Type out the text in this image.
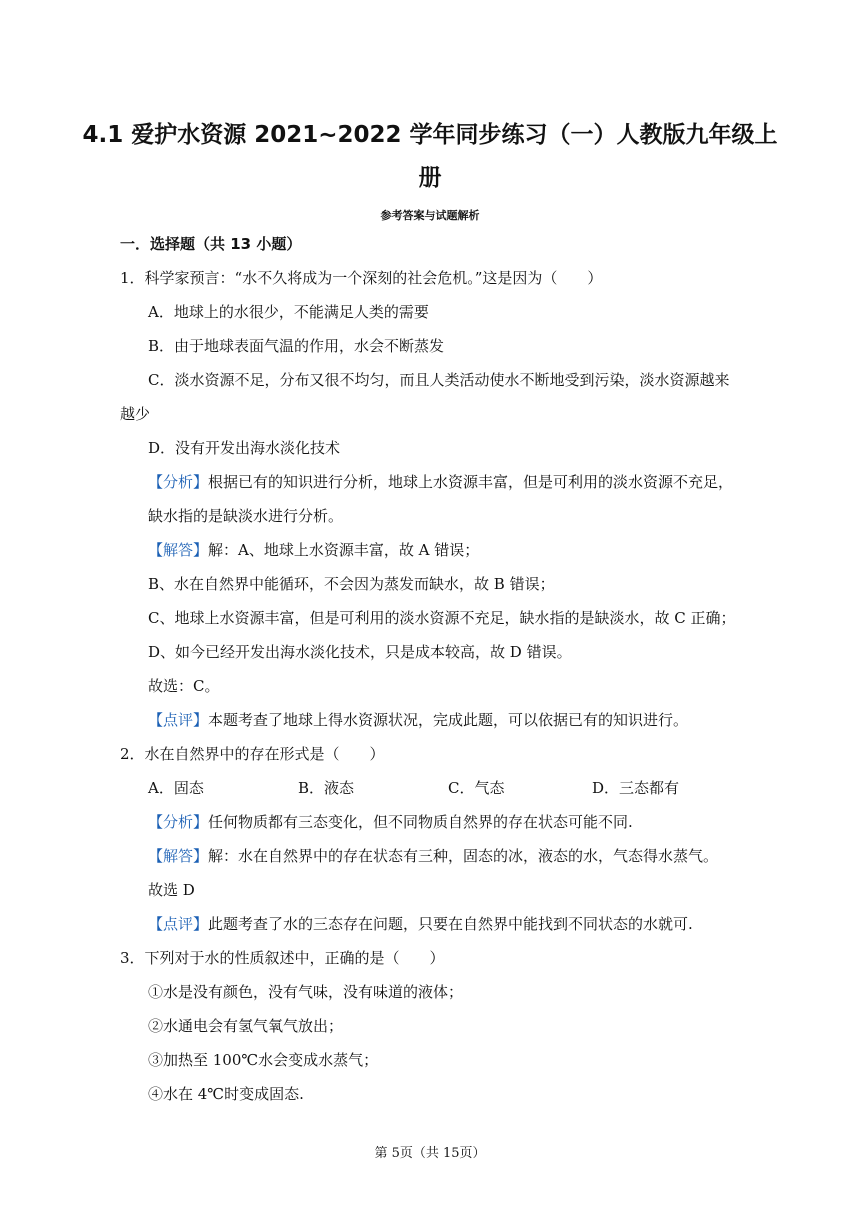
4.1 爱护水资源 2021~2022 学年同步练习（一）人教版九年级上
册
参考答案与试题解析
一．选择题（共 13 小题）
1．科学家预言：“水不久将成为一个深刻的社会危机。”这是因为（　　）
A．地球上的水很少，不能满足人类的需要
B．由于地球表面气温的作用，水会不断蒸发
C．淡水资源不足，分布又很不均匀，而且人类活动使水不断地受到污染，淡水资源越来
越少
D．没有开发出海水淡化技术
【分析】根据已有的知识进行分析，地球上水资源丰富，但是可利用的淡水资源不充足，
缺水指的是缺淡水进行分析。
【解答】解：A、地球上水资源丰富，故 A 错误；
B、水在自然界中能循环，不会因为蒸发而缺水，故 B 错误；
C、地球上水资源丰富，但是可利用的淡水资源不充足，缺水指的是缺淡水，故 C 正确；
D、如今已经开发出海水淡化技术，只是成本较高，故 D 错误。
故选：C。
【点评】本题考查了地球上得水资源状况，完成此题，可以依据已有的知识进行。
2．水在自然界中的存在形式是（　　）
A．固态	B．液态	C．气态	D．三态都有
【分析】任何物质都有三态变化，但不同物质自然界的存在状态可能不同.
【解答】解：水在自然界中的存在状态有三种，固态的冰，液态的水，气态得水蒸气。
故选 D
【点评】此题考查了水的三态存在问题，只要在自然界中能找到不同状态的水就可.
3．下列对于水的性质叙述中，正确的是（　　）
①水是没有颜色，没有气味，没有味道的液体；
②水通电会有氢气氧气放出；
③加热至 100℃水会变成水蒸气；
④水在 4℃时变成固态.
第 5页（共 15页）
